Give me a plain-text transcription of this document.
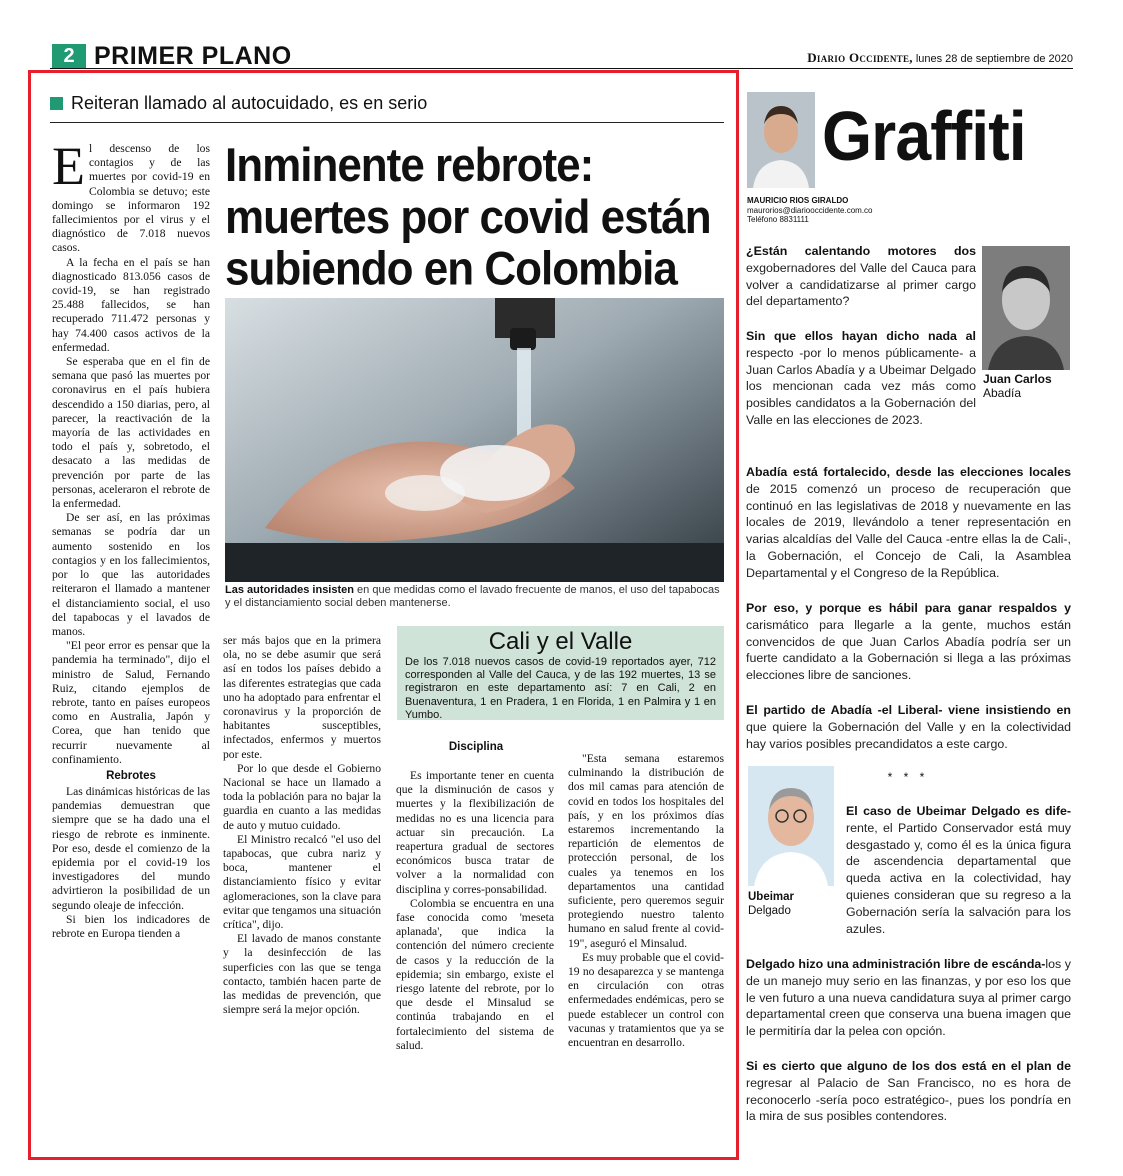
2 PRIMER PLANO	Diario Occidente, lunes 28 de septiembre de 2020
Reiteran llamado al autocuidado, es en serio

El descenso de los contagios y de las muertes por covid-19 en Colombia se detuvo; este domingo se informaron 192 fallecimientos por el virus y el diagnóstico de 7.018 nuevos casos.

A la fecha en el país se han diagnosticado 813.056 casos de covid-19, se han registrado 25.488 fallecidos, se han recuperado 711.472 personas y hay 74.400 casos activos de la enfermedad.

Se esperaba que en el fin de semana que pasó las muertes por coronavirus en el país hubiera descendido a 150 diarias, pero, al parecer, la reactivación de la mayoría de las actividades en todo el país y, sobretodo, el desacato a las medidas de prevención por parte de las personas, aceleraron el rebrote de la enfermedad.

De ser así, en las próximas semanas se podría dar un aumento sostenido en los contagios y en los fallecimientos, por lo que las autoridades reiteraron el llamado a mantener el distanciamiento social, el uso del tapabocas y el lavados de manos.

"El peor error es pensar que la pandemia ha terminado", dijo el ministro de Salud, Fernando Ruiz, citando ejemplos de rebrote, tanto en países europeos como en Australia, Japón y Corea, que han tenido que recurrir nuevamente al confinamiento.

Rebrotes

Las dinámicas históricas de las pandemias demuestran que siempre que se ha dado una el riesgo de rebrote es inminente. Por eso, desde el comienzo de la epidemia por el covid-19 los investigadores del mundo advirtieron la posibilidad de un segundo oleaje de infección.

Si bien los indicadores de rebrote en Europa tienden a

Inminente rebrote: muertes por covid están subiendo en Colombia
Las autoridades insisten en que medidas como el lavado frecuente de manos, el uso del tapabocas y el distanciamiento social deben mantenerse.

ser más bajos que en la primera ola, no se debe asumir que será así en todos los países debido a las diferentes estrategias que cada uno ha adoptado para enfrentar el coronavirus y la proporción de habitantes susceptibles, infectados, enfermos y muertos por este.

Por lo que desde el Gobierno Nacional se hace un llamado a toda la población para no bajar la guardia en cuanto a las medidas de auto y mutuo cuidado.

El Ministro recalcó "el uso del tapabocas, que cubra nariz y boca, mantener el distanciamiento físico y evitar aglomeraciones, son la clave para evitar que tengamos una situación crítica", dijo.

El lavado de manos constante y la desinfección de las superficies con las que se tenga contacto, también hacen parte de las medidas de prevención, que siempre será la mejor opción.

Cali y el Valle
De los 7.018 nuevos casos de covid-19 reportados ayer, 712 corresponden al Valle del Cauca, y de las 192 muertes, 13 se registraron en este departamento así: 7 en Cali, 2 en Buenaventura, 1 en Pradera, 1 en Florida, 1 en Palmira y 1 en Yumbo.
Disciplina

Es importante tener en cuenta que la disminución de casos y muertes y la flexibilización de medidas no es una licencia para actuar sin precaución. La reapertura gradual de sectores económicos busca tratar de volver a la normalidad con disciplina y corres-ponsabilidad.

Colombia se encuentra en una fase conocida como 'meseta aplanada', que indica la contención del número creciente de casos y la reducción de la epidemia; sin embargo, existe el riesgo latente del rebrote, por lo que desde el Minsalud se continúa trabajando en el fortalecimiento del sistema de salud.

"Esta semana estaremos culminando la distribución de dos mil camas para atención de covid en todos los hospitales del país, y en los próximos días estaremos incrementando la repartición de elementos de protección personal, de los cuales ya tenemos en los departamentos una cantidad suficiente, pero queremos seguir protegiendo nuestro talento humano en salud frente al covid-19", aseguró el Minsalud.

Es muy probable que el covid-19 no desaparezca y se mantenga en circulación con otras enfermedades endémicas, pero se puede establecer un control con vacunas y tratamientos que ya se encuentran en desarrollo.

Graffiti
MAURICIO RIOS GIRALDO
maurorios@diariooccidente.com.co
Teléfono 8831111
¿Están calentando motores dos exgobernadores del Valle del Cauca para volver a candidatizarse al primer cargo del departamento?
Juan Carlos
Abadía
Sin que ellos hayan dicho nada al respecto -por lo menos públicamente- a Juan Carlos Abadía y a Ubeimar Delgado los mencionan cada vez más como posibles candidatos a la Gobernación del Valle en las elecciones de 2023.
Abadía está fortalecido, desde las elecciones locales de 2015 comenzó un proceso de recuperación que continuó en las legislativas de 2018 y nuevamente en las locales de 2019, llevándolo a tener representación en varias alcaldías del Valle del Cauca -entre ellas la de Cali-, la Gobernación, el Concejo de Cali, la Asamblea Departamental y el Congreso de la República.
Por eso, y porque es hábil para ganar respaldos y carismático para llegarle a la gente, muchos están convencidos de que Juan Carlos Abadía podría ser un fuerte candidato a la Gobernación si llega a las próximas elecciones libre de sanciones.
El partido de Abadía -el Liberal- viene insistiendo en que quiere la Gobernación del Valle y en la colectividad hay varios posibles precandidatos a este cargo.
* * *
Ubeimar Delgado
El caso de Ubeimar Delgado es dife-rente, el Partido Conservador está muy desgastado y, como él es la única figura de ascendencia departamental que queda activa en la colectividad, hay quienes consideran que su regreso a la Gobernación sería la salvación para los azules.
Delgado hizo una administración libre de escánda-los y de un manejo muy serio en las finanzas, y por eso los que le ven futuro a una nueva candidatura suya al primer cargo departamental creen que conserva una buena imagen que le permitiría dar la pelea con opción.
Si es cierto que alguno de los dos está en el plan de regresar al Palacio de San Francisco, no es hora de reconocerlo -sería poco estratégico-, pues los pondría en la mira de sus posibles contendores.
